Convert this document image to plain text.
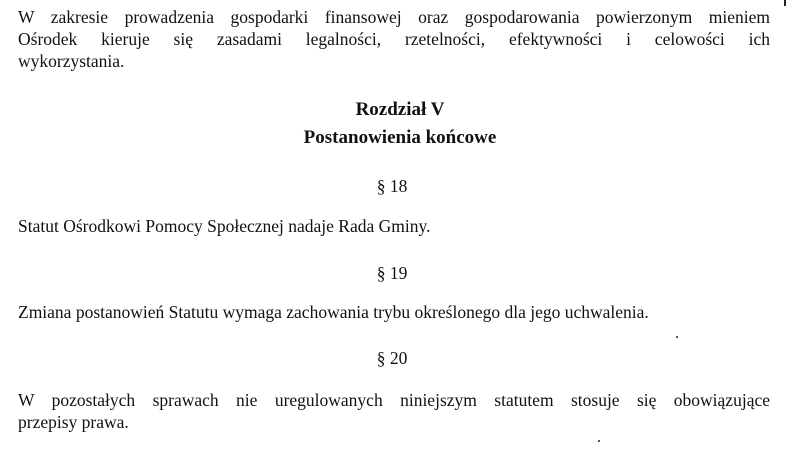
W zakresie prowadzenia gospodarki finansowej oraz gospodarowania powierzonym mieniem
Ośrodek kieruje się zasadami legalności, rzetelności, efektywności i celowości ich
wykorzystania.
Rozdział V
Postanowienia końcowe
§ 18
Statut Ośrodkowi Pomocy Społecznej nadaje Rada Gminy.
§ 19
Zmiana postanowień Statutu wymaga zachowania trybu określonego dla jego uchwalenia.
§ 20
W pozostałych sprawach nie uregulowanych niniejszym statutem stosuje się obowiązujące
przepisy prawa.
